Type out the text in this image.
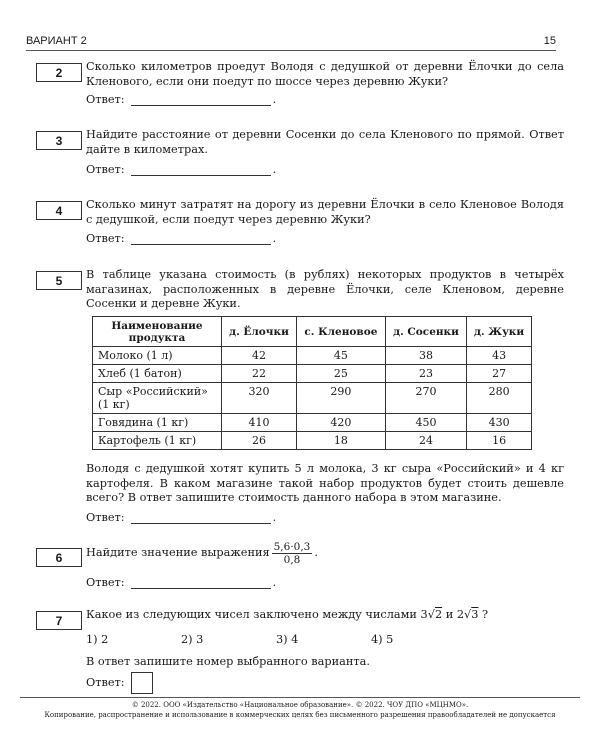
ВАРИАНТ 2	15
2	Сколько километров проедут Володя с дедушкой от деревни Ёлочки до села Кленового, если они поедут по шоссе через деревню Жуки?
Ответ:	.
3	Найдите расстояние от деревни Сосенки до села Кленового по прямой. Ответ дайте в километрах.
Ответ:	.
4	Сколько минут затратят на дорогу из деревни Ёлочки в село Кленовое Володя с дедушкой, если поедут через деревню Жуки?
Ответ:	.
5	В таблице указана стоимость (в рублях) некоторых продуктов в четырёх магазинах, расположенных в деревне Ёлочки, селе Кленовом, деревне Сосенки и деревне Жуки.
Наименование продукта	д. Ёлочки	с. Кленовое	д. Сосенки	д. Жуки
Молоко (1 л)	42	45	38	43
Хлеб (1 батон)	22	25	23	27
Сыр «Российский» (1 кг)	320	290	270	280
Говядина (1 кг)	410	420	450	430
Картофель (1 кг)	26	18	24	16
Володя с дедушкой хотят купить 5 л молока, 3 кг сыра «Российский» и 4 кг картофеля. В каком магазине такой набор продуктов будет стоить дешевле всего? В ответ запишите стоимость данного набора в этом магазине.
Ответ:	.
6	Найдите значение выражения $\frac{5,6\cdot 0,3}{0,8}$ .
Ответ:	.
7	Какое из следующих чисел заключено между числами 3√2 и 2√3 ?
1) 2	2) 3	3) 4	4) 5
В ответ запишите номер выбранного варианта.
Ответ:
© 2022. ООО «Издательство «Национальное образование». © 2022. ЧОУ ДПО «МЦНМО».
Копирование, распространение и использование в коммерческих целях без письменного разрешения правообладателей не допускается
